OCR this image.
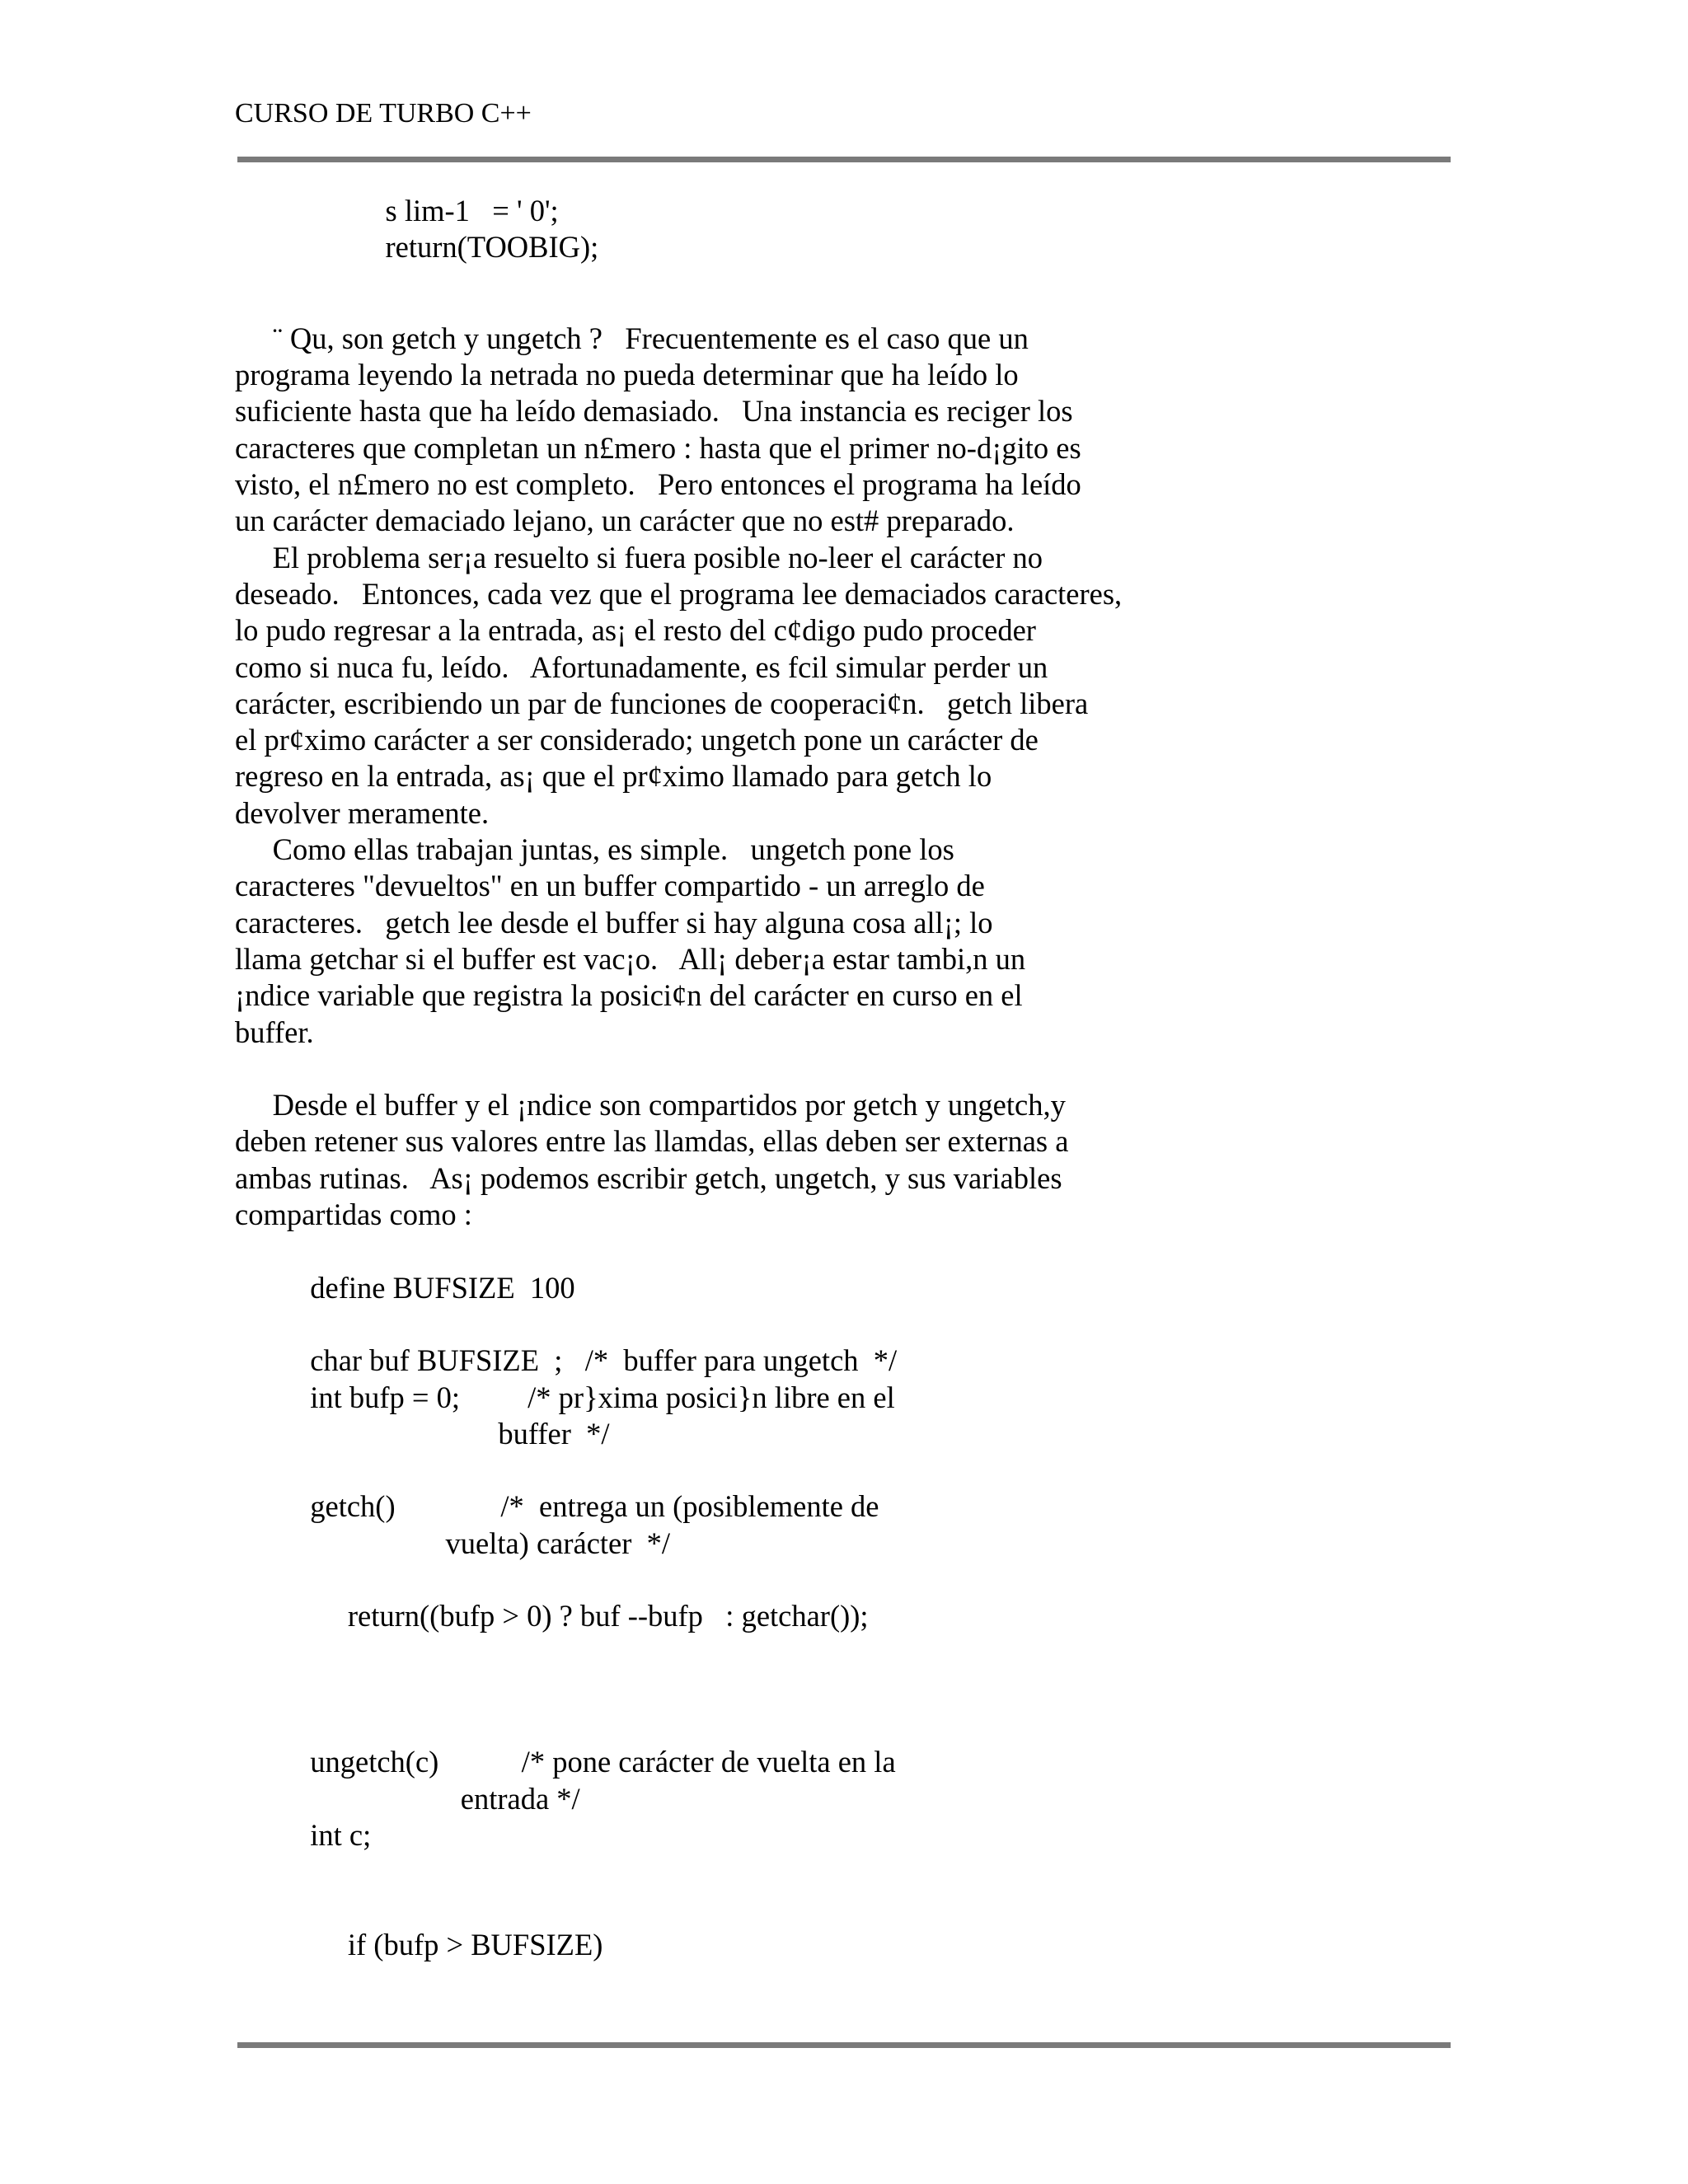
CURSO DE TURBO C++
s lim-1   = ' 0';
return(TOOBIG);
¨ Qu, son getch y ungetch ?   Frecuentemente es el caso que un
programa leyendo la netrada no pueda determinar que ha leído lo
suficiente hasta que ha leído demasiado.   Una instancia es reciger los
caracteres que completan un n£mero : hasta que el primer no-d¡gito es
visto, el n£mero no est completo.   Pero entonces el programa ha leído
un carácter demaciado lejano, un carácter que no est# preparado.
El problema ser¡a resuelto si fuera posible no-leer el carácter no
deseado.   Entonces, cada vez que el programa lee demaciados caracteres,
lo pudo regresar a la entrada, as¡ el resto del c¢digo pudo proceder
como si nuca fu, leído.   Afortunadamente, es fcil simular perder un
carácter, escribiendo un par de funciones de cooperaci¢n.   getch libera
el pr¢ximo carácter a ser considerado; ungetch pone un carácter de
regreso en la entrada, as¡ que el pr¢ximo llamado para getch lo
devolver meramente.
Como ellas trabajan juntas, es simple.   ungetch pone los
caracteres "devueltos" en un buffer compartido - un arreglo de
caracteres.   getch lee desde el buffer si hay alguna cosa all¡; lo
llama getchar si el buffer est vac¡o.   All¡ deber¡a estar tambi,n un
¡ndice variable que registra la posici¢n del carácter en curso en el
buffer.
Desde el buffer y el ¡ndice son compartidos por getch y ungetch,y
deben retener sus valores entre las llamdas, ellas deben ser externas a
ambas rutinas.   As¡ podemos escribir getch, ungetch, y sus variables
compartidas como :
define BUFSIZE  100
char buf BUFSIZE  ;   /*  buffer para ungetch  */
int bufp = 0;         /* pr}xima posici}n libre en el
buffer  */
getch()              /*  entrega un (posiblemente de
vuelta) carácter  */
return((bufp > 0) ? buf --bufp   : getchar());
ungetch(c)           /* pone carácter de vuelta en la
entrada */
int c;
if (bufp > BUFSIZE)
